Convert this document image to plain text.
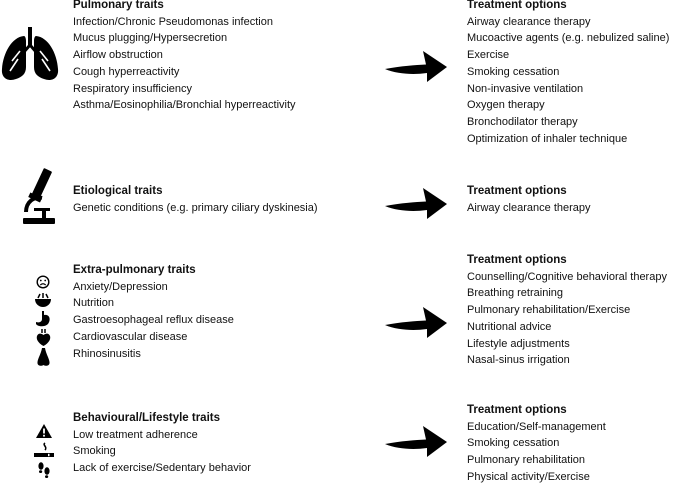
Pulmonary traits
Infection/Chronic Pseudomonas infection
Mucus plugging/Hypersecretion
Airflow obstruction
Cough hyperreactivity
Respiratory insufficiency
Asthma/Eosinophilia/Bronchial hyperreactivity
Treatment options
Airway clearance therapy
Mucoactive agents (e.g. nebulized saline)
Exercise
Smoking cessation
Non-invasive ventilation
Oxygen therapy
Bronchodilator therapy
Optimization of inhaler technique
Etiological traits
Genetic conditions (e.g. primary ciliary dyskinesia)
Treatment options
Airway clearance therapy
Extra-pulmonary traits
Anxiety/Depression
Nutrition
Gastroesophageal reflux disease
Cardiovascular disease
Rhinosinusitis
Treatment options
Counselling/Cognitive behavioral therapy
Breathing retraining
Pulmonary rehabilitation/Exercise
Nutritional advice
Lifestyle adjustments
Nasal-sinus irrigation
Behavioural/Lifestyle traits
Low treatment adherence
Smoking
Lack of exercise/Sedentary behavior
Treatment options
Education/Self-management
Smoking cessation
Pulmonary rehabilitation
Physical activity/Exercise
